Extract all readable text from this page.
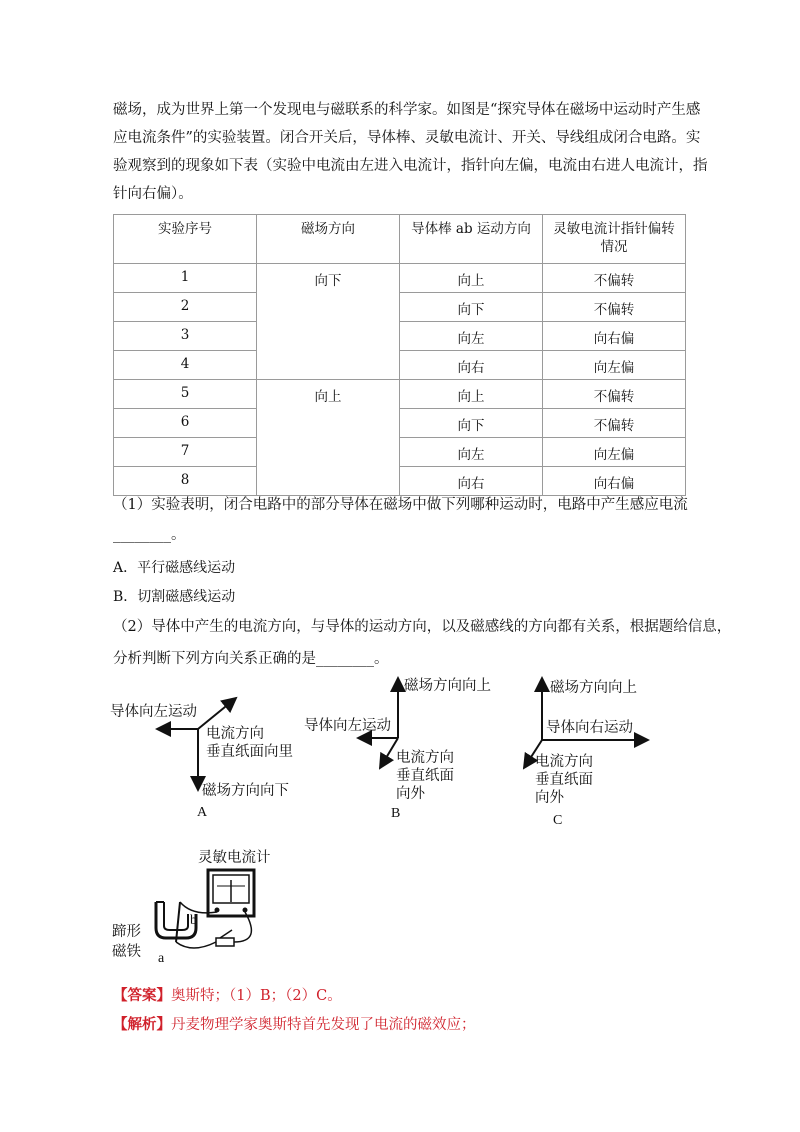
磁场，成为世界上第一个发现电与磁联系的科学家。如图是“探究导体在磁场中运动时产生感
应电流条件”的实验装置。闭合开关后，导体棒、灵敏电流计、开关、导线组成闭合电路。实
验观察到的现象如下表（实验中电流由左进入电流计，指针向左偏，电流由右进人电流计，指
针向右偏）。

实验序号	磁场方向	导体棒 ab 运动方向	灵敏电流计指针偏转情况
1	向下	向上	不偏转
2		向下	不偏转
3		向左	向右偏
4		向右	向左偏
5	向上	向上	不偏转
6		向下	不偏转
7		向左	向左偏
8		向右	向右偏

（1）实验表明，闭合电路中的部分导体在磁场中做下列哪种运动时，电路中产生感应电流

________。

A．平行磁感线运动

B．切割磁感线运动

（2）导体中产生的电流方向，与导体的运动方向，以及磁感线的方向都有关系，根据题给信息，

分析判断下列方向关系正确的是________。

导体向左运动
电流方向
垂直纸面向里
磁场方向向下
A
磁场方向向上
导体向左运动
电流方向
垂直纸面
向外
B
磁场方向向上
导体向右运动
电流方向
垂直纸面
向外
C
灵敏电流计
b
a
蹄形
磁铁

【答案】奥斯特；（1）B；（2）C。

【解析】丹麦物理学家奥斯特首先发现了电流的磁效应；
